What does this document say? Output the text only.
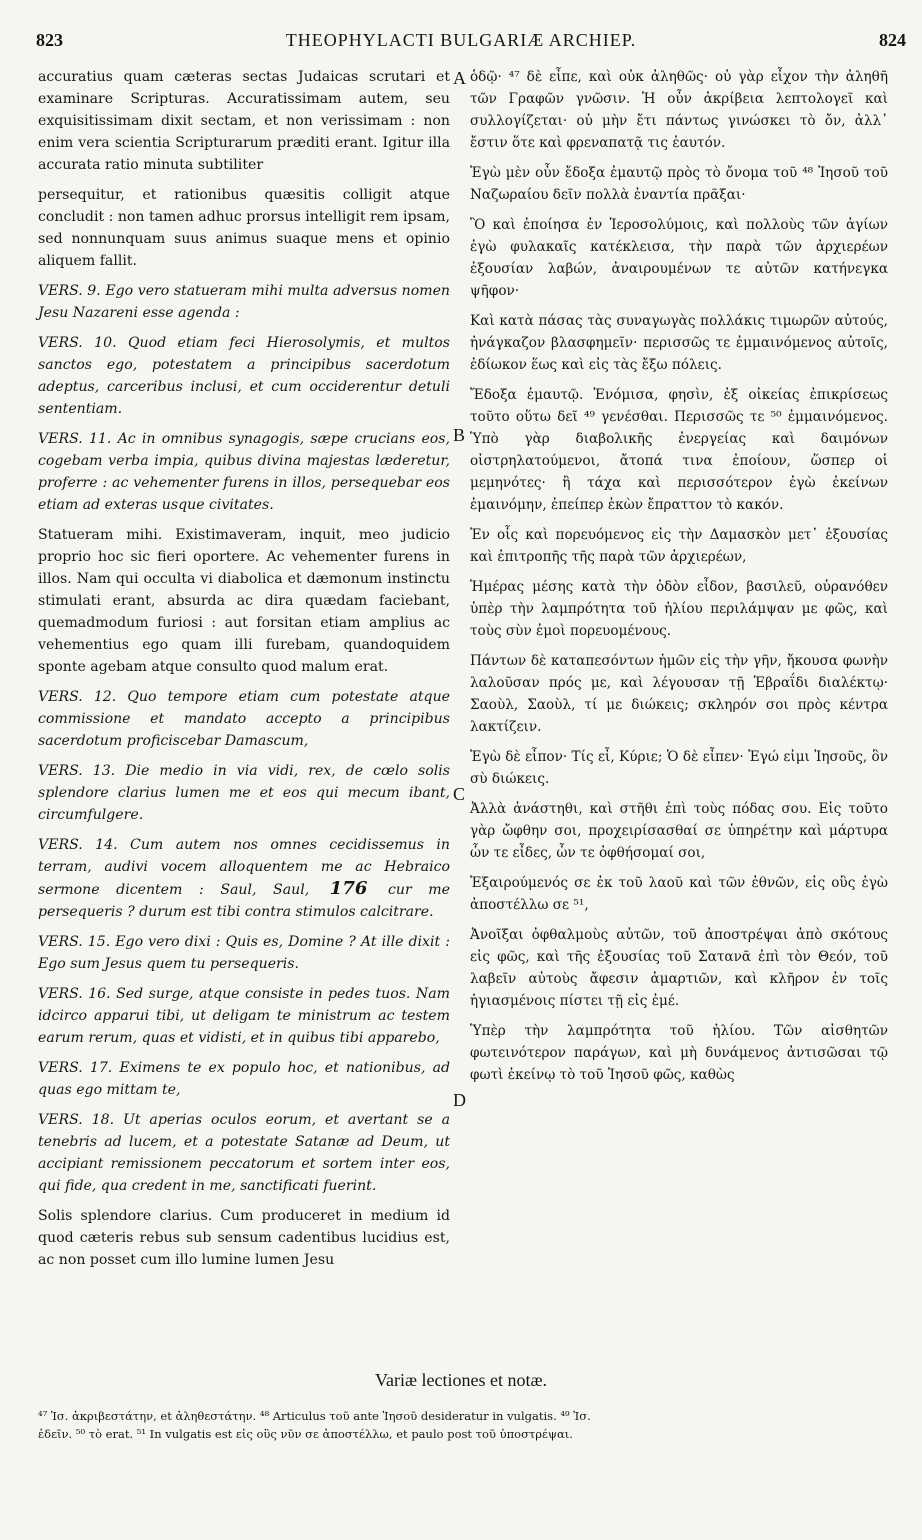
823	THEOPHYLACTI BULGARIÆ ARCHIEP.	824

accuratius quam cæteras sectas Judaicas scrutari et examinare Scripturas. Accuratissimam autem, seu exquisitissimam dixit sectam, et non verissimam : non enim vera scientia Scripturarum præditi erant. Igitur illa accurata ratio minuta subtiliter

persequitur, et rationibus quæsitis colligit atque concludit : non tamen adhuc prorsus intelligit rem ipsam, sed nonnunquam suus animus suaque mens et opinio aliquem fallit.

VERS. 9. Ego vero statueram mihi multa adversus nomen Jesu Nazareni esse agenda :

VERS. 10. Quod etiam feci Hierosolymis, et multos sanctos ego, potestatem a principibus sacerdotum adeptus, carceribus inclusi, et cum occiderentur detuli sententiam.

VERS. 11. Ac in omnibus synagogis, sæpe crucians eos, cogebam verba impia, quibus divina majestas læderetur, proferre : ac vehementer furens in illos, persequebar eos etiam ad exteras usque civitates.

Statueram mihi. Existimaveram, inquit, meo judicio proprio hoc sic fieri oportere. Ac vehementer furens in illos. Nam qui occulta vi diabolica et dæmonum instinctu stimulati erant, absurda ac dira quædam faciebant, quemadmodum furiosi : aut forsitan etiam amplius ac vehementius ego quam illi furebam, quandoquidem sponte agebam atque consulto quod malum erat.

VERS. 12. Quo tempore etiam cum potestate atque commissione et mandato accepto a principibus sacerdotum proficiscebar Damascum,

VERS. 13. Die medio in via vidi, rex, de cœlo solis splendore clarius lumen me et eos qui mecum ibant, circumfulgere.

VERS. 14. Cum autem nos omnes cecidissemus in terram, audivi vocem alloquentem me ac Hebraico sermone dicentem : Saul, Saul, 176 cur me persequeris ? durum est tibi contra stimulos calcitrare.

VERS. 15. Ego vero dixi : Quis es, Domine ? At ille dixit : Ego sum Jesus quem tu persequeris.

VERS. 16. Sed surge, atque consiste in pedes tuos. Nam idcirco apparui tibi, ut deligam te ministrum ac testem earum rerum, quas et vidisti, et in quibus tibi apparebo,

VERS. 17. Eximens te ex populo hoc, et nationibus, ad quas ego mittam te,

VERS. 18. Ut aperias oculos eorum, et avertant se a tenebris ad lucem, et a potestate Satanæ ad Deum, ut accipiant remissionem peccatorum et sortem inter eos, qui fide, qua credent in me, sanctificati fuerint.

Solis splendore clarius. Cum produceret in medium id quod cæteris rebus sub sensum cadentibus lucidius est, ac non posset cum illo lumine lumen Jesu

ὁδῷ· ⁴⁷ δὲ εἶπε, καὶ οὐκ ἀληθῶς· οὐ γὰρ εἶχον τὴν ἀληθῆ τῶν Γραφῶν γνῶσιν. Ἡ οὖν ἀκρίβεια λεπτολογεῖ καὶ συλλογίζεται· οὐ μὴν ἔτι πάντως γινώσκει τὸ ὄν, ἀλλ᾽ ἔστιν ὅτε καὶ φρεναπατᾷ τις ἑαυτόν.

Ἐγὼ μὲν οὖν ἔδοξα ἐμαυτῷ πρὸς τὸ ὄνομα τοῦ ⁴⁸ Ἰησοῦ τοῦ Ναζωραίου δεῖν πολλὰ ἐναντία πρᾶξαι·

Ὃ καὶ ἐποίησα ἐν Ἱεροσολύμοις, καὶ πολλοὺς τῶν ἁγίων ἐγὼ φυλακαῖς κατέκλεισα, τὴν παρὰ τῶν ἀρχιερέων ἐξουσίαν λαβών, ἀναιρουμένων τε αὐτῶν κατήνεγκα ψῆφον·

Καὶ κατὰ πάσας τὰς συναγωγὰς πολλάκις τιμωρῶν αὐτούς, ἠνάγκαζον βλασφημεῖν· περισσῶς τε ἐμμαινόμενος αὐτοῖς, ἐδίωκον ἕως καὶ εἰς τὰς ἔξω πόλεις.

Ἔδοξα ἐμαυτῷ. Ἐνόμισα, φησὶν, ἐξ οἰκείας ἐπικρίσεως τοῦτο οὕτω δεῖ ⁴⁹ γενέσθαι. Περισσῶς τε ⁵⁰ ἐμμαινόμενος. Ὑπὸ γὰρ διαβολικῆς ἐνεργείας καὶ δαιμόνων οἰστρηλατούμενοι, ἄτοπά τινα ἐποίουν, ὥσπερ οἱ μεμηνότες· ἢ τάχα καὶ περισσότερον ἐγὼ ἐκείνων ἐμαινόμην, ἐπείπερ ἑκὼν ἔπραττον τὸ κακόν.

Ἐν οἷς καὶ πορευόμενος εἰς τὴν Δαμασκὸν μετ᾽ ἐξουσίας καὶ ἐπιτροπῆς τῆς παρὰ τῶν ἀρχιερέων,

Ἡμέρας μέσης κατὰ τὴν ὁδὸν εἶδον, βασιλεῦ, οὐρανόθεν ὑπὲρ τὴν λαμπρότητα τοῦ ἡλίου περιλάμψαν με φῶς, καὶ τοὺς σὺν ἐμοὶ πορευομένους.

Πάντων δὲ καταπεσόντων ἡμῶν εἰς τὴν γῆν, ἤκουσα φωνὴν λαλοῦσαν πρός με, καὶ λέγουσαν τῇ Ἑβραΐδι διαλέκτῳ· Σαοὺλ, Σαοὺλ, τί με διώκεις; σκληρόν σοι πρὸς κέντρα λακτίζειν.

Ἐγὼ δὲ εἶπον· Τίς εἶ, Κύριε; Ὁ δὲ εἶπεν· Ἐγώ εἰμι Ἰησοῦς, ὃν σὺ διώκεις.

Ἀλλὰ ἀνάστηθι, καὶ στῆθι ἐπὶ τοὺς πόδας σου. Εἰς τοῦτο γὰρ ὤφθην σοι, προχειρίσασθαί σε ὑπηρέτην καὶ μάρτυρα ὧν τε εἶδες, ὧν τε ὀφθήσομαί σοι,

Ἐξαιρούμενός σε ἐκ τοῦ λαοῦ καὶ τῶν ἐθνῶν, εἰς οὓς ἐγὼ ἀποστέλλω σε ⁵¹,

Ἀνοῖξαι ὀφθαλμοὺς αὐτῶν, τοῦ ἀποστρέψαι ἀπὸ σκότους εἰς φῶς, καὶ τῆς ἐξουσίας τοῦ Σατανᾶ ἐπὶ τὸν Θεόν, τοῦ λαβεῖν αὐτοὺς ἄφεσιν ἁμαρτιῶν, καὶ κλῆρον ἐν τοῖς ἡγιασμένοις πίστει τῇ εἰς ἐμέ.

Ὑπὲρ τὴν λαμπρότητα τοῦ ἡλίου. Τῶν αἰσθητῶν φωτεινότερον παράγων, καὶ μὴ δυνάμενος ἀντισῶσαι τῷ φωτὶ ἐκείνῳ τὸ τοῦ Ἰησοῦ φῶς, καθὼς

A
B
C
D
Variæ lectiones et notæ.

⁴⁷ Ἰσ. ἀκριβεστάτην, et ἀληθεστάτην. ⁴⁸ Articulus τοῦ ante Ἰησοῦ desideratur in vulgatis. ⁴⁹ Ἰσ.

ἐδεῖν. ⁵⁰ τὸ erat. ⁵¹ In vulgatis est εἰς οὓς νῦν σε ἀποστέλλω, et paulo post τοῦ ὑποστρέψαι.
